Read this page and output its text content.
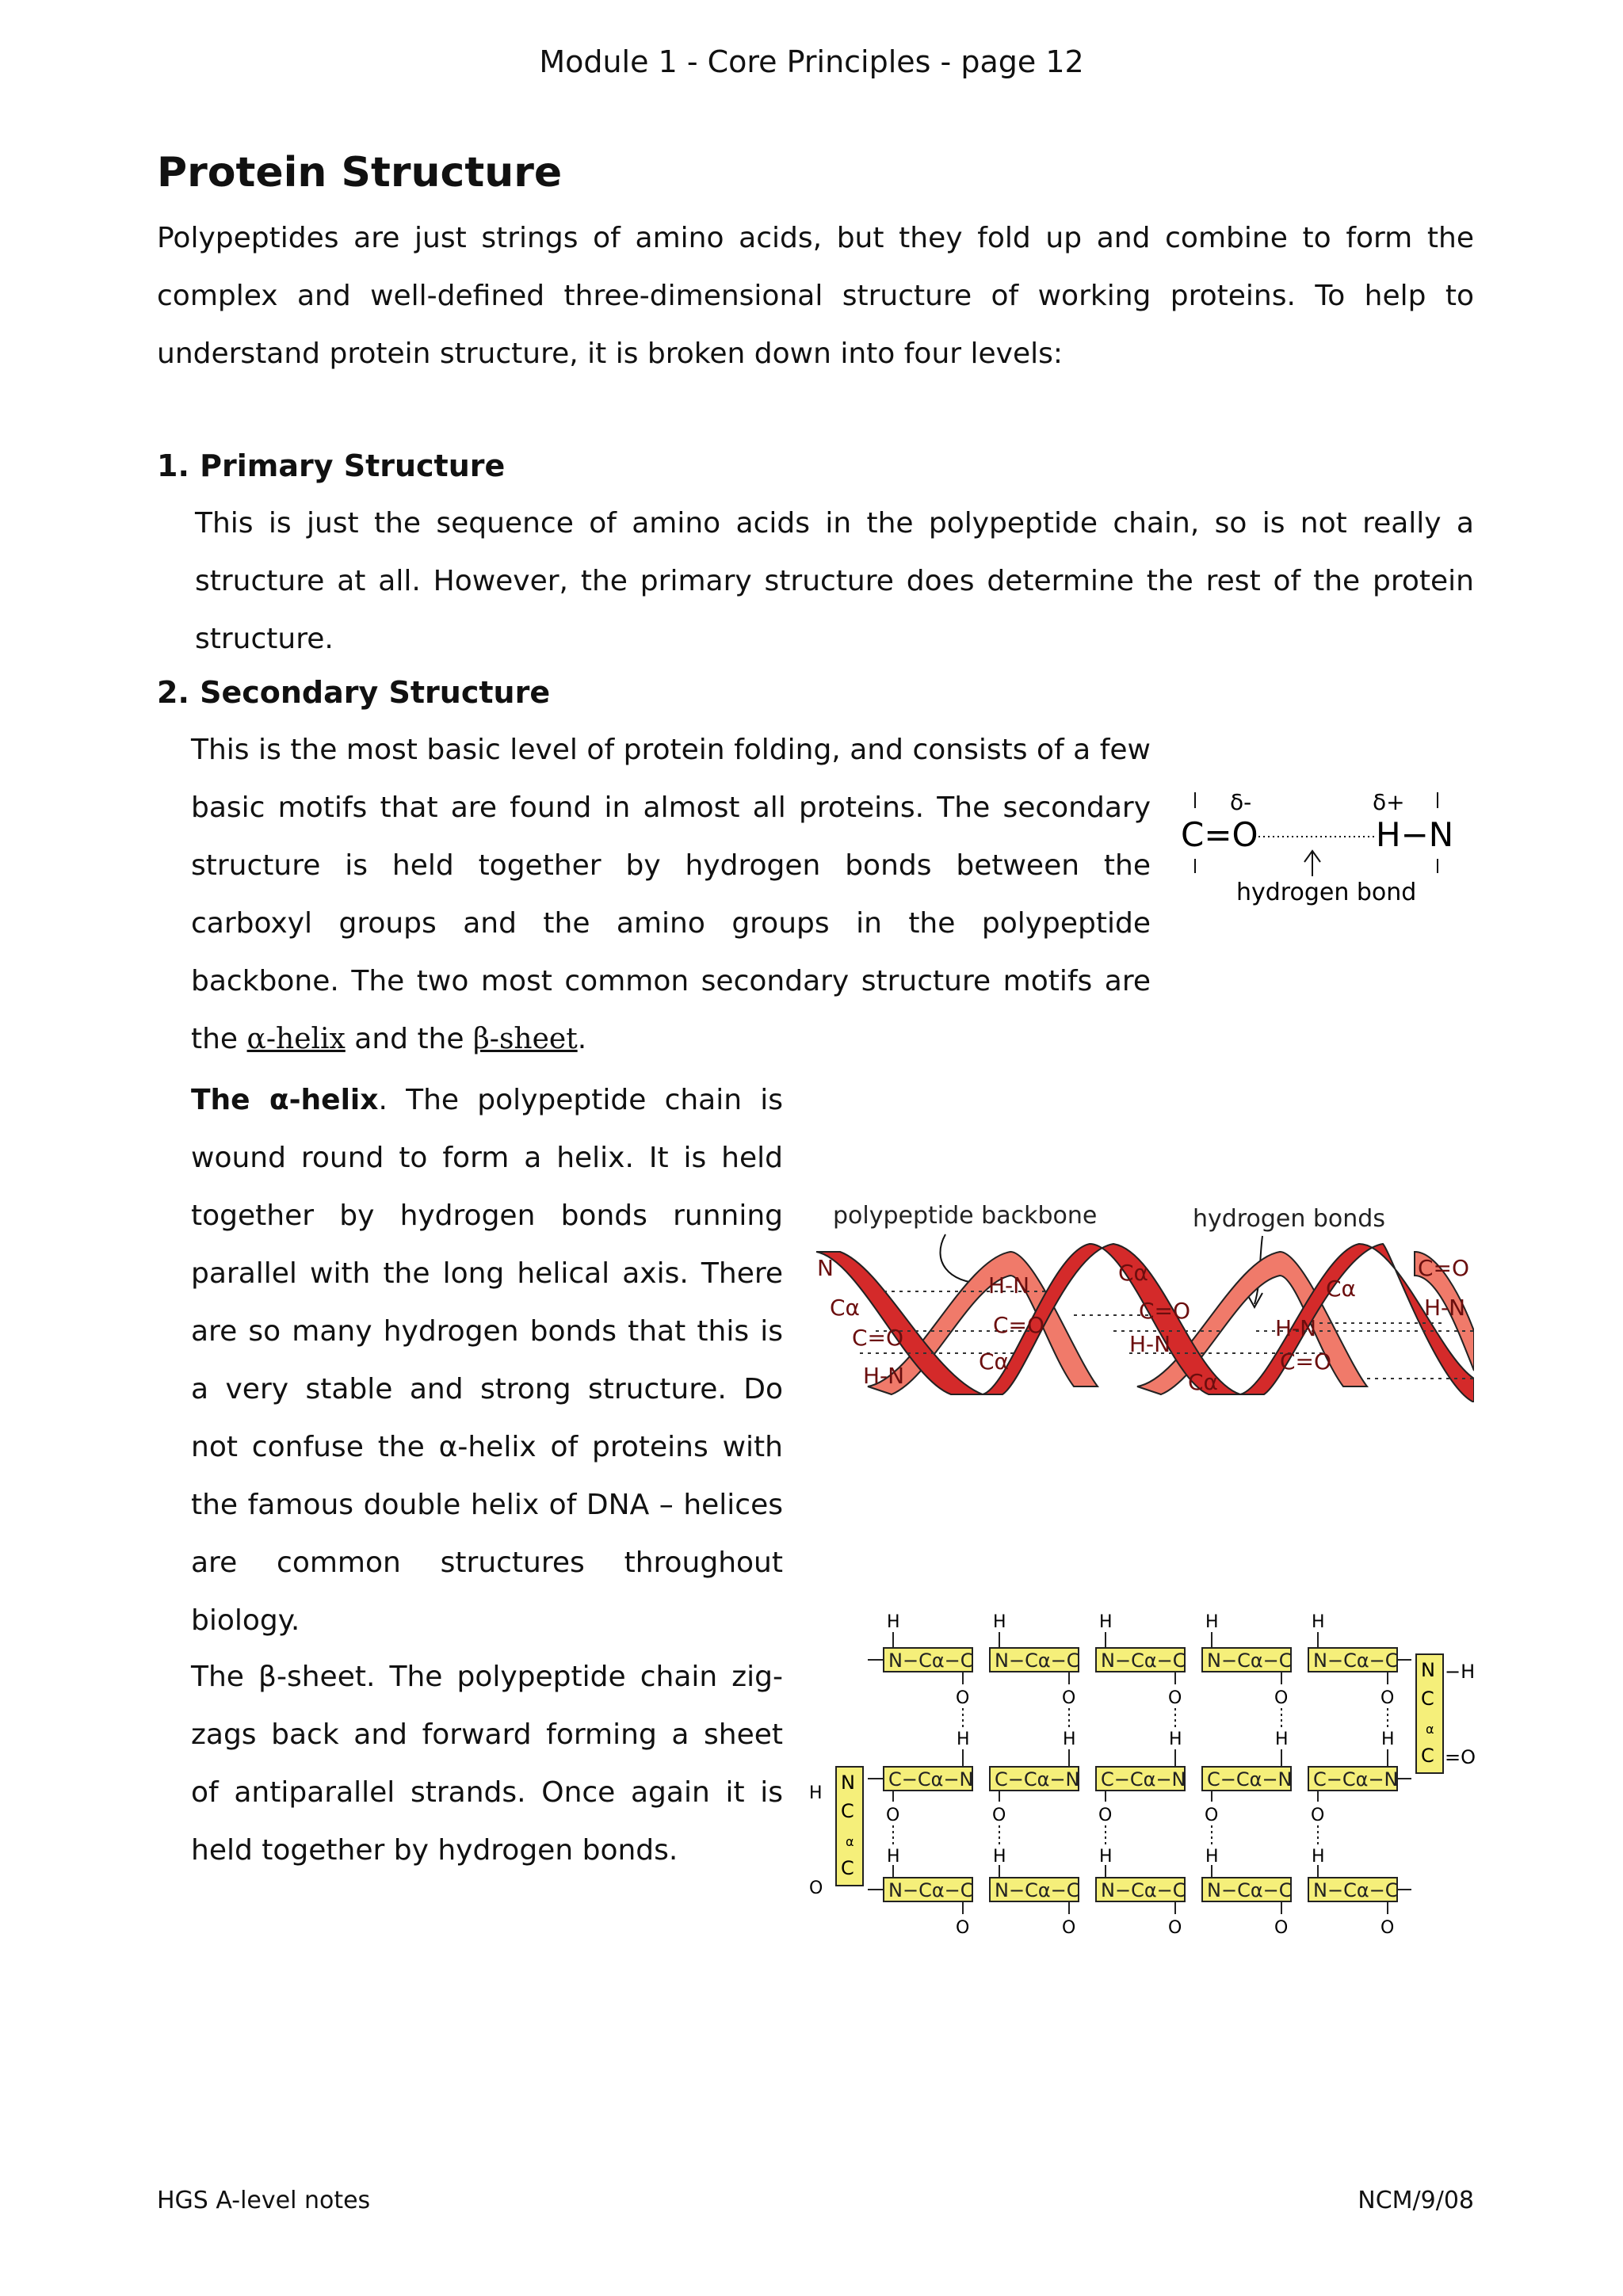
Module 1 - Core Principles - page 12
Protein Structure
Polypeptides are just strings of amino acids, but they fold up and combine to form the complex and well-defined three-dimensional structure of working proteins. To help to understand protein structure, it is broken down into four levels:
1. Primary Structure
This is just the sequence of amino acids in the polypeptide chain, so is not really a structure at all. However, the primary structure does determine the rest of the protein structure.
2. Secondary Structure
This is the most basic level of protein folding, and consists of a few basic motifs that are found in almost all proteins. The secondary structure is held together by hydrogen bonds between the carboxyl groups and the amino groups in the polypeptide backbone. The two most common secondary structure motifs are the α-helix and the β-sheet.
δ-	δ+
C=O	H−N
hydrogen bond
The α-helix. The polypeptide chain is wound round to form a helix. It is held together by hydrogen bonds running parallel with the long helical axis. There are so many hydrogen bonds that this is a very stable and strong structure. Do not confuse the α-helix of proteins with the famous double helix of DNA – helices are common structures throughout biology.
polypeptide backbone	hydrogen bonds
N
Cα
C=O
H-N
H-N
C=O
Cα
Cα
C=O
H-N
Cα
Cα
H-N
C=O
C=O
H-N
The β-sheet. The polypeptide chain zig-zags back and forward forming a sheet of antiparallel strands. Once again it is held together by hydrogen bonds.
N−Cα−C N−Cα−C N−Cα−C N−Cα−C N−Cα−C
C−Cα−N C−Cα−N C−Cα−N C−Cα−N C−Cα−N
N−Cα−C N−Cα−C N−Cα−C N−Cα−C N−Cα−C
H
O
H
O
H
O
H
O
H
O
H
O
H
O
H
O
H
O
H
O
H
O
H
O
H
O
H
O
H
O
N
C
α
C
−H
=O
N
C
α
C
H
O
HGS A-level notes	NCM/9/08
